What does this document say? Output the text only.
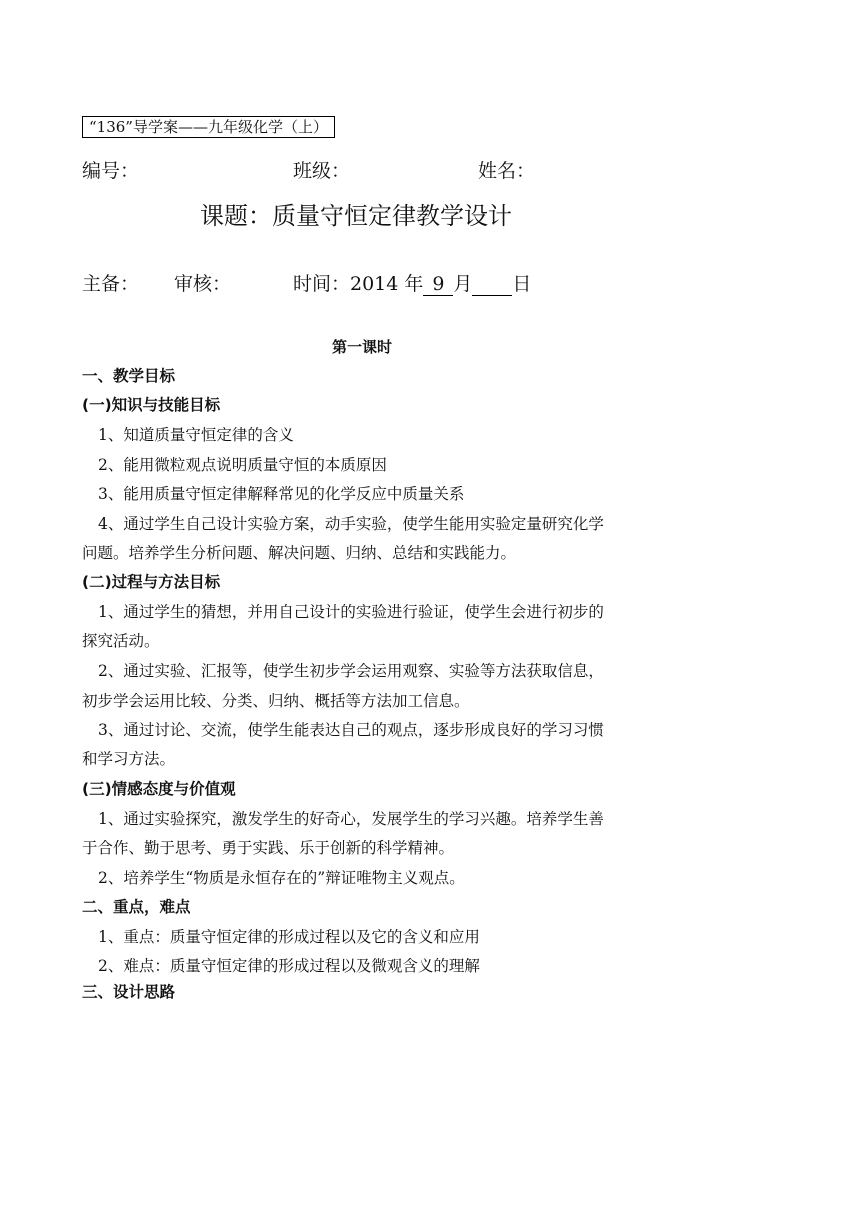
“136”导学案——九年级化学（上）
编号：	班级：	姓名：
课题：质量守恒定律教学设计
主备： 审核：	时间：2014 年 9 月 日
第一课时
一、教学目标
(一)知识与技能目标
1、知道质量守恒定律的含义
2、能用微粒观点说明质量守恒的本质原因
3、能用质量守恒定律解释常见的化学反应中质量关系
4、通过学生自己设计实验方案，动手实验，使学生能用实验定量研究化学
问题。培养学生分析问题、解决问题、归纳、总结和实践能力。
(二)过程与方法目标
1、通过学生的猜想，并用自己设计的实验进行验证，使学生会进行初步的
探究活动。
2、通过实验、汇报等，使学生初步学会运用观察、实验等方法获取信息，
初步学会运用比较、分类、归纳、概括等方法加工信息。
3、通过讨论、交流，使学生能表达自己的观点，逐步形成良好的学习习惯
和学习方法。
(三)情感态度与价值观
1、通过实验探究，激发学生的好奇心，发展学生的学习兴趣。培养学生善
于合作、勤于思考、勇于实践、乐于创新的科学精神。
2、培养学生“物质是永恒存在的”辩证唯物主义观点。
二、重点，难点
1、重点：质量守恒定律的形成过程以及它的含义和应用
2、难点：质量守恒定律的形成过程以及微观含义的理解
三、设计思路
